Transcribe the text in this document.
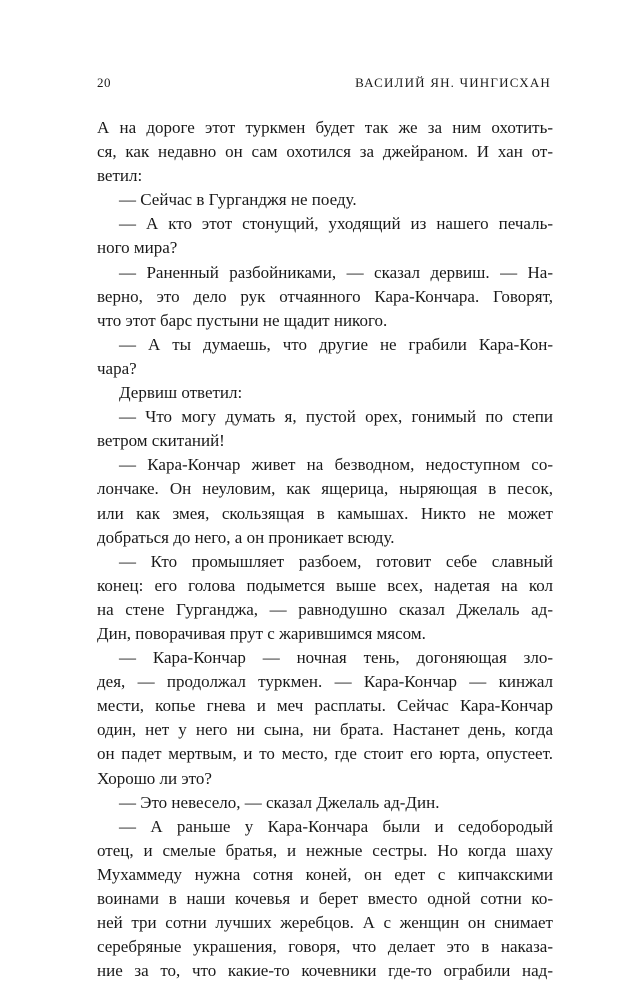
20	ВАСИЛИЙ ЯН. ЧИНГИСХАН
А на дороге этот туркмен будет так же за ним охотить-
ся, как недавно он сам охотился за джейраном. И хан от-
ветил:
— Сейчас в Гурганджя не поеду.
— А кто этот стонущий, уходящий из нашего печаль-
ного мира?
— Раненный разбойниками, — сказал дервиш. — На-
верно, это дело рук отчаянного Кара-Кончара. Говорят,
что этот барс пустыни не щадит никого.
— А ты думаешь, что другие не грабили Кара-Кон-
чара?
Дервиш ответил:
— Что могу думать я, пустой орех, гонимый по степи
ветром скитаний!
— Кара-Кончар живет на безводном, недоступном со-
лончаке. Он неуловим, как ящерица, ныряющая в песок,
или как змея, скользящая в камышах. Никто не может
добраться до него, а он проникает всюду.
— Кто промышляет разбоем, готовит себе славный
конец: его голова подымется выше всех, надетая на кол
на стене Гурганджа, — равнодушно сказал Джелаль ад-
Дин, поворачивая прут с жарившимся мясом.
— Кара-Кончар — ночная тень, догоняющая зло-
дея, — продолжал туркмен. — Кара-Кончар — кинжал
мести, копье гнева и меч расплаты. Сейчас Кара-Кончар
один, нет у него ни сына, ни брата. Настанет день, когда
он падет мертвым, и то место, где стоит его юрта, опустеет.
Хорошо ли это?
— Это невесело, — сказал Джелаль ад-Дин.
— А раньше у Кара-Кончара были и седобородый
отец, и смелые братья, и нежные сестры. Но когда шаху
Мухаммеду нужна сотня коней, он едет с кипчакскими
воинами в наши кочевья и берет вместо одной сотни ко-
ней три сотни лучших жеребцов. А с женщин он снимает
серебряные украшения, говоря, что делает это в наказа-
ние за то, что какие-то кочевники где-то ограбили над-
